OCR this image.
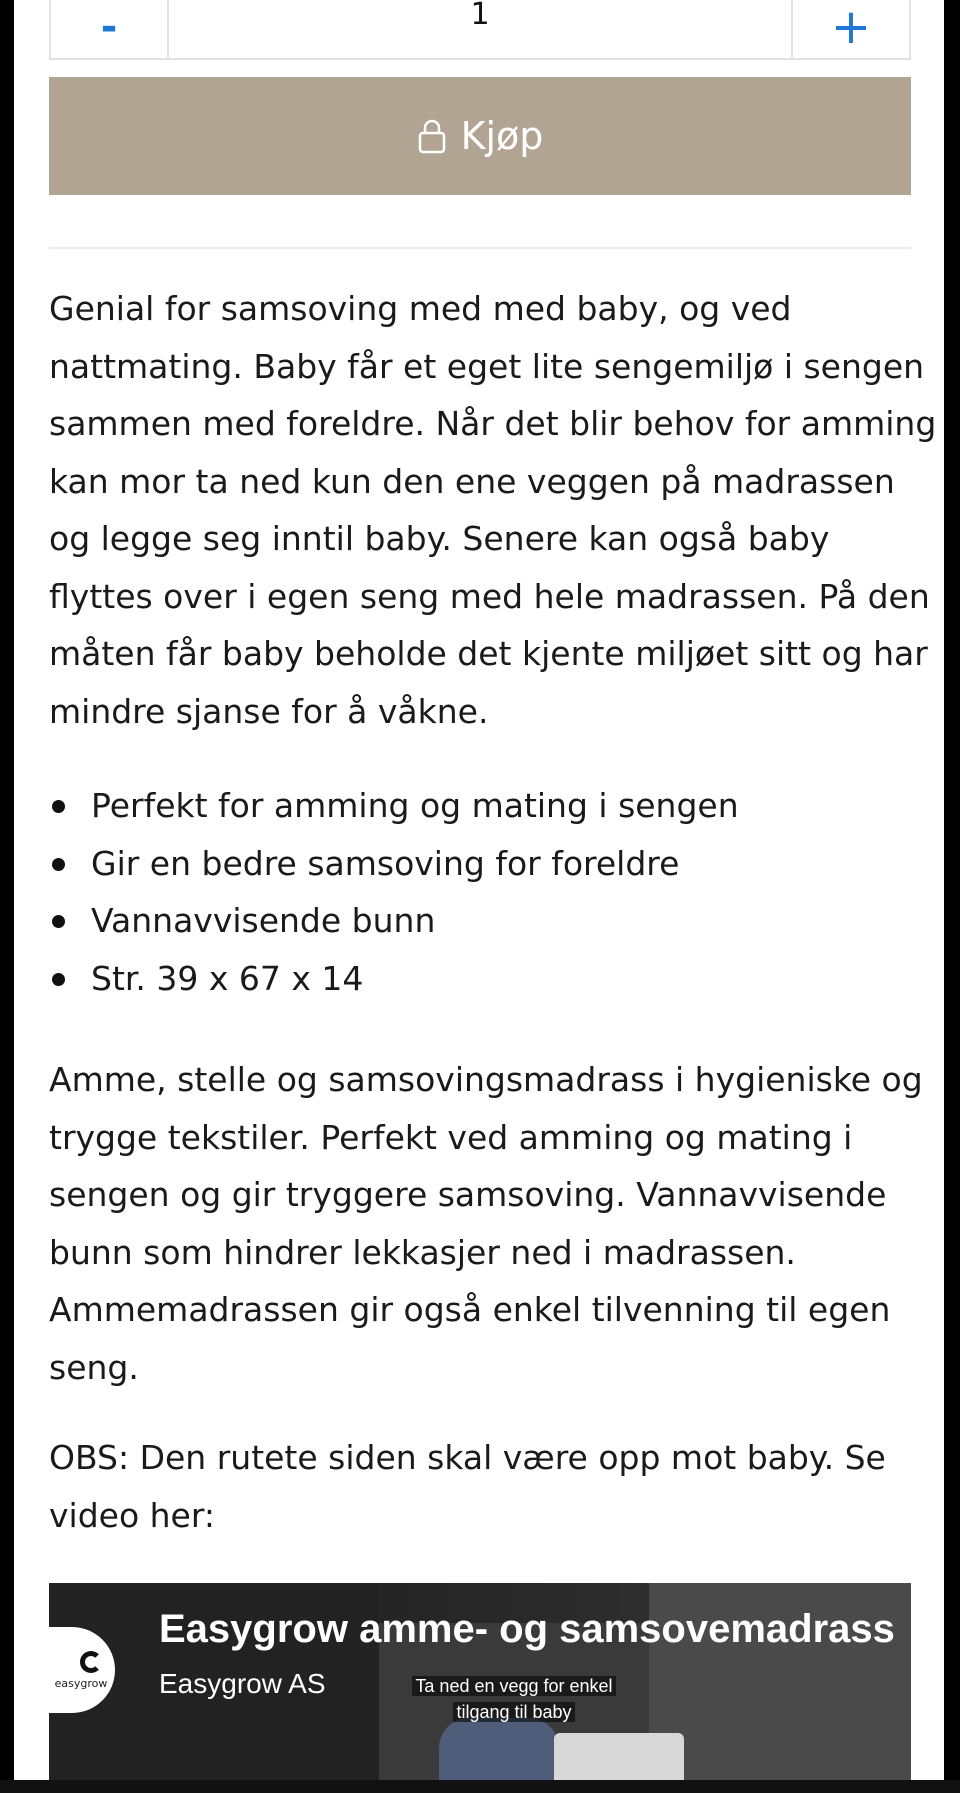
-	1	+
Kjøp

Genial for samsoving med med baby, og ved nattmating. Baby får et eget lite sengemiljø i sengen sammen med foreldre. Når det blir behov for amming kan mor ta ned kun den ene veggen på madrassen og legge seg inntil baby. Senere kan også baby flyttes over i egen seng med hele madrassen. På den måten får baby beholde det kjente miljøet sitt og har mindre sjanse for å våkne.

Perfekt for amming og mating i sengen
Gir en bedre samsoving for foreldre
Vannavvisende bunn
Str. 39 x 67 x 14

Amme, stelle og samsovingsmadrass i hygieniske og trygge tekstiler. Perfekt ved amming og mating i sengen og gir tryggere samsoving. Vannavvisende bunn som hindrer lekkasjer ned i madrassen. Ammemadrassen gir også enkel tilvenning til egen seng.

OBS: Den rutete siden skal være opp mot baby. Se video her:

easygrow
Easygrow amme- og samsovemadrass
Easygrow AS	Ta ned en vegg for enkel
tilgang til baby
